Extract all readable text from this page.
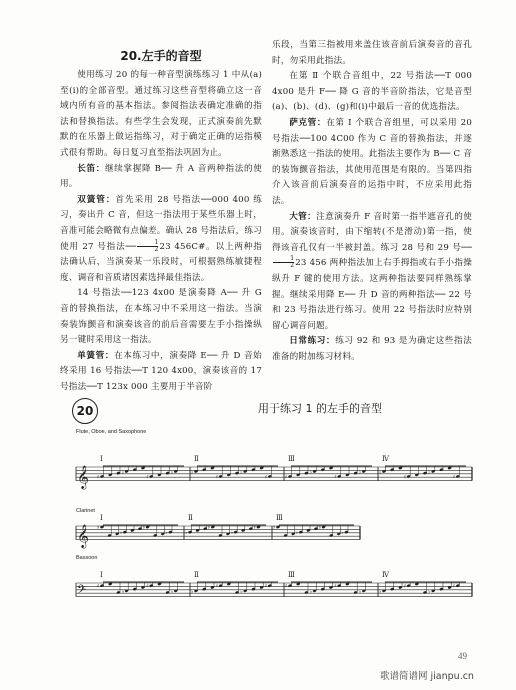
20.左手的音型

使用练习 20 的每一种音型演练练习 1 中从(a)至(i)的全部音型。通过练习这些音型将确立这一音域内所有音的基本指法。参阅指法表确定准确的指法和替换指法。有些学生会发现，正式演奏前先默默的在乐器上做运指练习，对于确定正确的运指模式很有帮助。每日复习直至指法巩固为止。

长笛：继续掌握降 B── 升 A 音两种指法的使用。

双簧管：首先采用 28 号指法──000 400 练习，奏出升 C 音，但这一指法用于某些乐器上时，音准可能会略微有点偏差。确认 28 号指法后，练习使用 27 号指法── $\frac{1}{2} 23$ 456C#。以上两种指法确认后，当演奏某一乐段时，可根据熟练敏捷程度、调音和音质诸因素选择最佳指法。

14 号指法──123 4x00 是演奏降 A── 升 G 音的替换指法，在本练习中不采用这一指法。当演奏装饰颤音和演奏该音的前后音需要左手小指操纵另一键时采用这一指法。

单簧管：在本练习中，演奏降 E── 升 D 音始终采用 16 号指法──T 120 4x00，演奏该音的 17 号指法──T 123x 000 主要用于半音阶

乐段，当第三指被用来盖住该音前后演奏音的音孔时，勿采用此指法。

在第 Ⅱ 个联合音组中，22 号指法──T 000 4x00 是升 F── 降 G 音的半音阶指法，它是音型(a)、(b)、(d)、(g)和(i)中最后一音的优选指法。

萨克管：在第 Ⅰ 个联合音组里，可以采用 20 号指法──100 4C00 作为 C 音的替换指法，并逐渐熟悉这一指法的使用。此指法主要作为 B── C 音的装饰颤音指法，其使用范围是有限的。当第四指介入该音前后演奏音的运指中时，不应采用此指法。

大管：注意演奏升 F 音时第一指半遮音孔的使用。演奏该音时，由下缩转(不是滑动)第一指，使得该音孔仅有一半被封盖。练习 28 号和 29 号──
$\frac{1}{2} 23$ 456 两种指法加上右手拇指或右手小指操纵升 F 键的使用方法。这两种指法要同样熟练掌握。继续采用降 E── 升 D 音的两种指法── 22 号和 23 号指法进行练习。使用 22 号指法时应特别留心调音问题。

日常练习：练习 92 和 93 是为确定这些指法准备的附加练习材料。

20	用于练习 1 的左手的音型
Flute, Oboe, and Saxophone
Clarinet
Bassoon
𝄞
Ⅰ
♯
♭
♯
♭
Ⅱ
♭
♯
♭
♯
Ⅲ
♯
♭
♯
♭
Ⅳ
♭
♯
♭
♯
𝄞
Ⅰ
♯
♭
♯
♭
Ⅱ
♭
♯
♭
♯
Ⅲ
♯
♭
♯
♭
𝄢
Ⅰ
♯
♭
♯
♭
Ⅱ
♭
♯
♭
♯
Ⅲ
♯
♭
♯
♭
Ⅳ
♭
♯
♭
♯
49
歌谱简谱网 jianpu.cn
